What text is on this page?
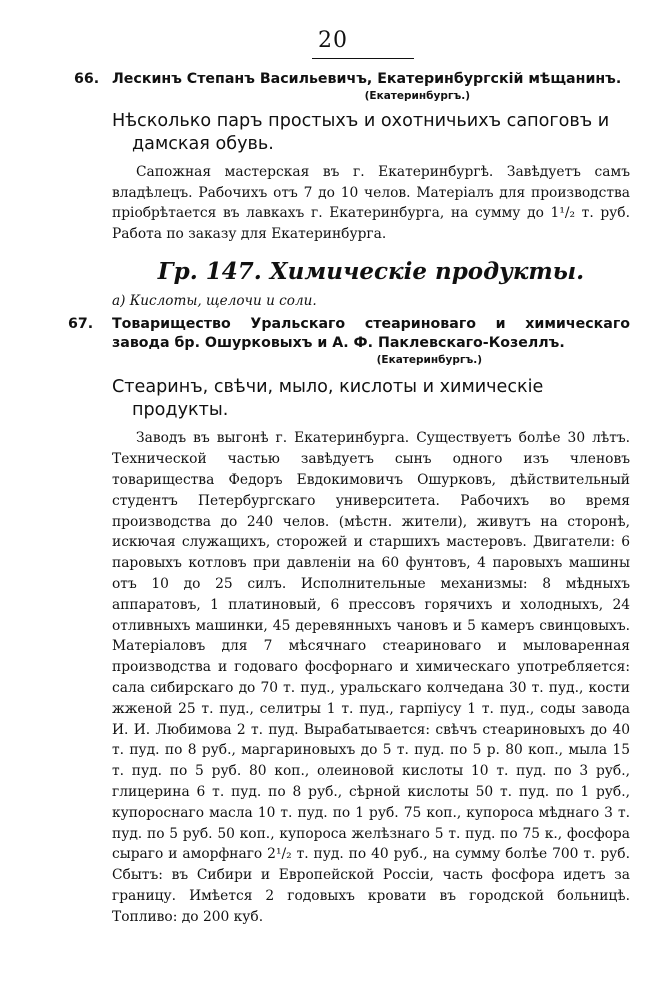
20

66. Лескинъ Степанъ Васильевичъ, Екатеринбургскій мѣщанинъ.

(Екатеринбургъ.)

Нѣсколько паръ простыхъ и охотничьихъ сапоговъ и дамская обувь.

Сапожная мастерская въ г. Екатеринбургѣ. Завѣдуетъ самъ владѣлецъ. Рабочихъ отъ 7 до 10 челов. Матеріалъ для производства пріобрѣтается въ лавкахъ г. Екатеринбурга, на сумму до 1¹/₂ т. руб. Работа по заказу для Екатеринбурга.

Гр. 147. Химическіе продукты.

а) Кислоты, щелочи и соли.

67. Товарищество Уральскаго стеариноваго и химическаго завода бр. Ошурковыхъ и А. Ф. Паклевскаго-Козеллъ.

(Екатеринбургъ.)

Стеаринъ, свѣчи, мыло, кислоты и химическіе продукты.

Заводъ въ выгонѣ г. Екатеринбурга. Существуетъ болѣе 30 лѣтъ. Технической частью завѣдуетъ сынъ одного изъ членовъ товарищества Федоръ Евдокимовичъ Ошурковъ, дѣйствительный студентъ Петербургскаго университета. Рабочихъ во время производства до 240 челов. (мѣстн. жители), живутъ на сторонѣ, искючая служащихъ, сторожей и старшихъ мастеровъ. Двигатели: 6 паровыхъ котловъ при давленіи на 60 фунтовъ, 4 паровыхъ машины отъ 10 до 25 силъ. Исполнительные механизмы: 8 мѣдныхъ аппаратовъ, 1 платиновый, 6 прессовъ горячихъ и холодныхъ, 24 отливныхъ машинки, 45 деревянныхъ чановъ и 5 камеръ свинцовыхъ. Матеріаловъ для 7 мѣсячнаго стеариноваго и мыловаренная производства и годоваго фосфорнаго и химическаго употребляется: сала сибирскаго до 70 т. пуд., уральскаго колчедана 30 т. пуд., кости жженой 25 т. пуд., селитры 1 т. пуд., гарпiусу 1 т. пуд., соды завода И. И. Любимова 2 т. пуд. Вырабатывается: свѣчъ стеариновыхъ до 40 т. пуд. по 8 руб., маргариновыхъ до 5 т. пуд. по 5 р. 80 коп., мыла 15 т. пуд. по 5 руб. 80 коп., олеиновой кислоты 10 т. пуд. по 3 руб., глицерина 6 т. пуд. по 8 руб., сѣрной кислоты 50 т. пуд. по 1 руб., купороснаго масла 10 т. пуд. по 1 руб. 75 коп., купороса мѣднаго 3 т. пуд. по 5 руб. 50 коп., купороса желѣзнаго 5 т. пуд. по 75 к., фосфора сыраго и аморфнаго 2¹/₂ т. пуд. по 40 руб., на сумму болѣе 700 т. руб. Сбытъ: въ Сибири и Европейской Россіи, часть фосфора идетъ за границу. Имѣется 2 годовыхъ кровати въ городской больницѣ. Топливо: до 200 куб.
